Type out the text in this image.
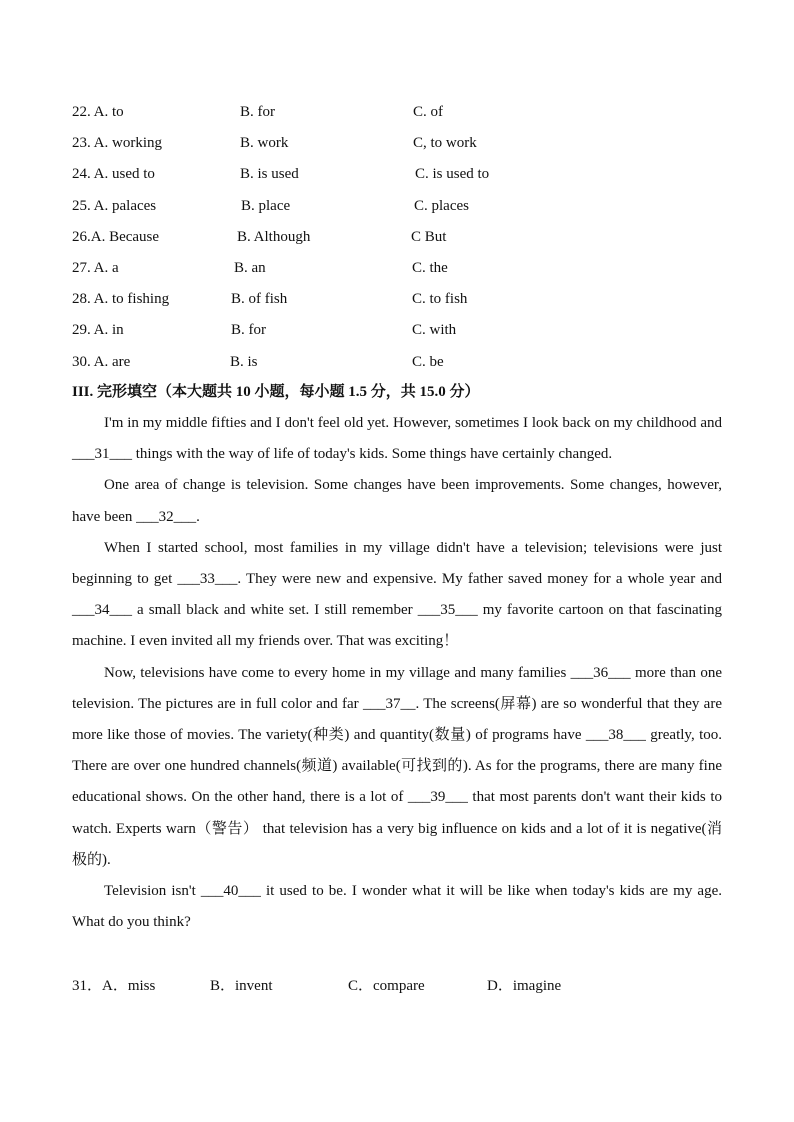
22. A. to	B. for	C. of
23. A. working	B. work	C, to work
24. A. used to	B. is used	C. is used to
25. A. palaces	B. place	C. places
26.A. Because	B. Although	C But
27. A. a	B. an	C. the
28. A. to fishing	B. of fish	C. to fish
29. A. in	B. for	C. with
30. A. are	B. is	C. be
III. 完形填空（本大题共 10 小题，每小题 1.5 分，共 15.0 分）

I'm in my middle fifties and I don't feel old yet. However, sometimes I look back on my childhood and ___31___ things with the way of life of today's kids. Some things have certainly changed.

One area of change is television. Some changes have been improvements. Some changes, however, have been ___32___.

When I started school, most families in my village didn't have a television; televisions were just beginning to get ___33___. They were new and expensive. My father saved money for a whole year and ___34___ a small black and white set. I still remember ___35___ my favorite cartoon on that fascinating machine. I even invited all my friends over. That was exciting！

Now, televisions have come to every home in my village and many families ___36___ more than one television. The pictures are in full color and far ___37__. The screens(屏幕) are so wonderful that they are more like those of movies. The variety(种类) and quantity(数量) of programs have ___38___ greatly, too. There are over one hundred channels(频道) available(可找到的). As for the programs, there are many fine educational shows. On the other hand, there is a lot of ___39___ that most parents don't want their kids to watch. Experts warn（警告） that television has a very big influence on kids and a lot of it is negative(消极的).

Television isn't ___40___ it used to be. I wonder what it will be like when today's kids are my age. What do you think?

31．A．miss	B．invent	C．compare	D．imagine
